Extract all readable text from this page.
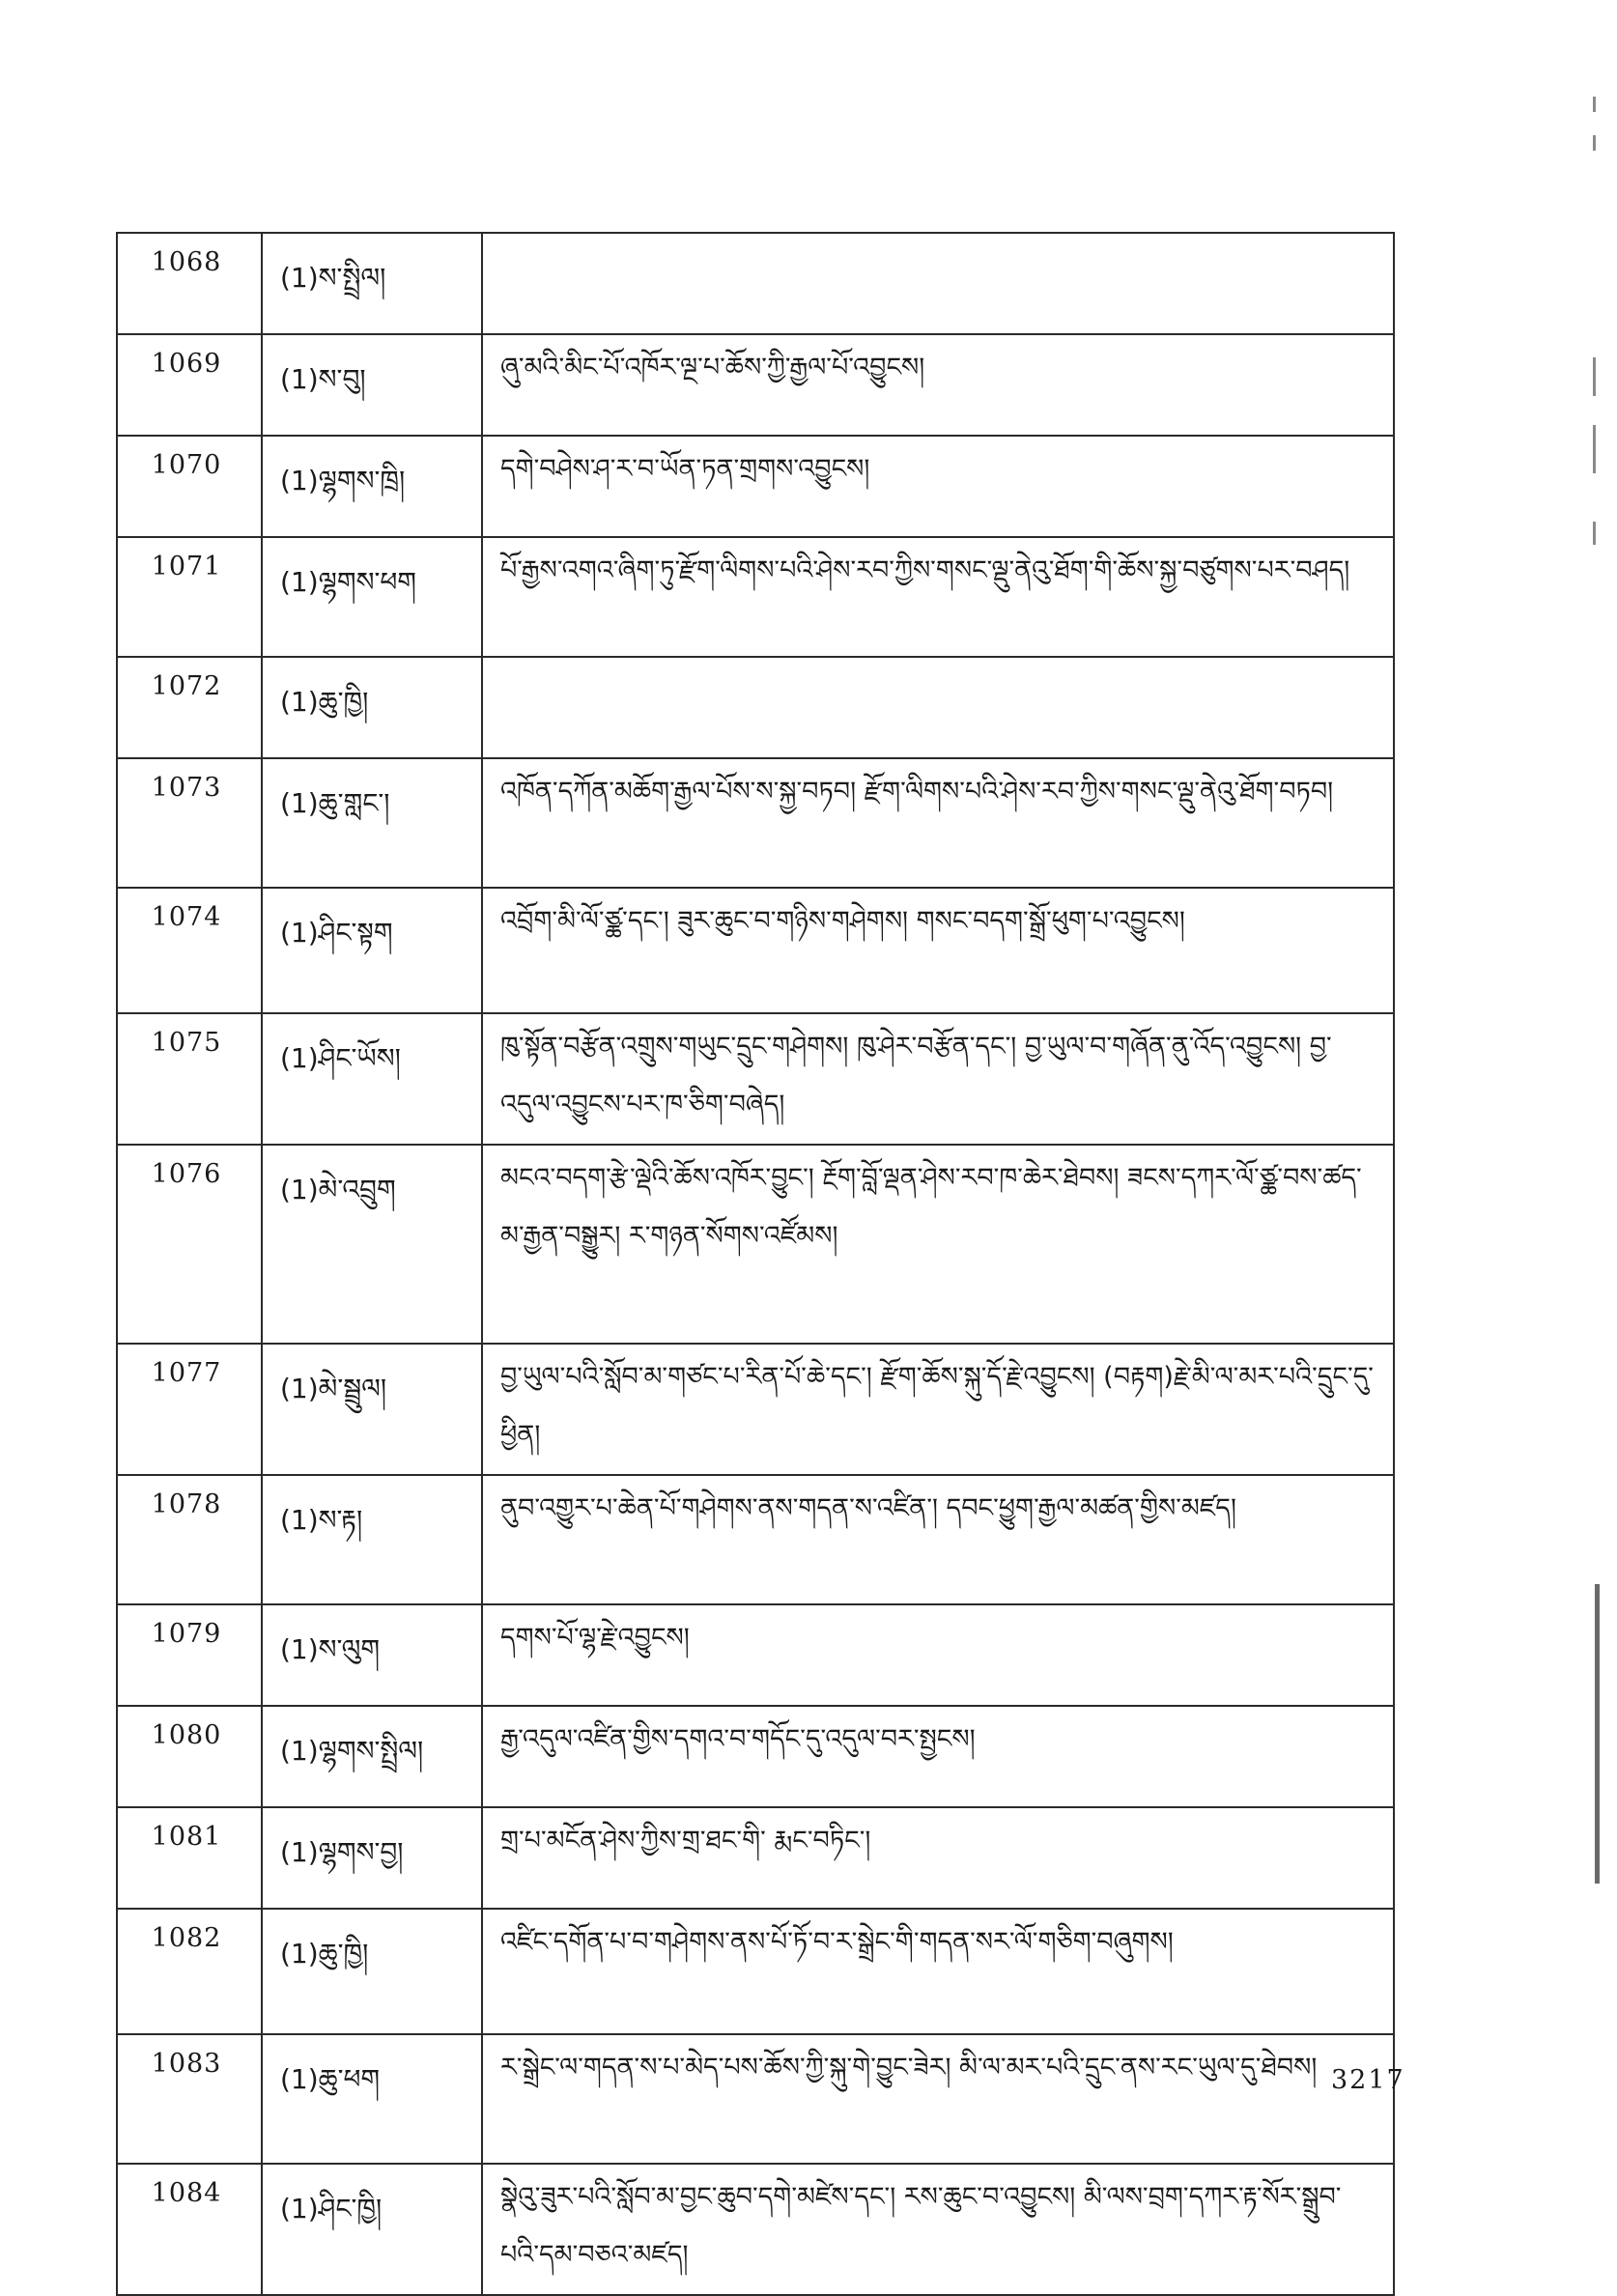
1068	(1)ས་སྤྲིལ།	
1069	(1)ས་བུ།	ཞུ་མའི་མིང་པོ་འཁོར་ལྔ་པ་ཆོས་ཀྱི་རྒྱལ་པོ་འབྱུངས།
1070	(1)ལྷགས་ཁྲི།	དགེ་བཤེས་ཤ་ར་བ་ཡོན་ཏན་གྲགས་འབྱུངས།
1071	(1)ལྷགས་ཕག	པོ་རྒྱས་འགའ་ཞིག་ཏུ་རྫོག་ལིགས་པའི་ཤེས་རབ་ཀྱིས་གསང་ལྡུ་ནེའུ་ཐོག་གི་ཆོས་སྐྱ་བཙུགས་པར་བཤད།
1072	(1)ཆུ་ཁྱི།	
1073	(1)ཆུ་གླང་།	འཁོན་དཀོན་མཆོག་རྒྱལ་པོས་ས་སྐྱ་བཏབ། རྫོག་ལིགས་པའི་ཤེས་རབ་ཀྱིས་གསང་ལྡུ་ནེའུ་ཐོག་བཏབ།
1074	(1)ཤིང་སྟག	འབྲོག་མི་ལོ་ཙྪ་དང་། ཟུར་ཆུང་བ་གཉིས་གཤེགས། གསང་བདག་སྒྲོ་ཕུག་པ་འབྱུངས།
1075	(1)ཤིང་ཡོས།	ཁུ་སྟོན་བརྩོན་འགྲུས་གཡུང་དྲུང་གཤེགས། ཁུ་ཤེར་བརྩོན་དང་། བྱ་ཡུལ་བ་གཞོན་ནུ་འོད་འབྱུངས། བྱ་འདུལ་འབྱུངས་པར་ཁ་ཅིག་བཞེད།
1076	(1)མེ་འབྲུག	མངའ་བདག་རྩེ་ལྡེའི་ཆོས་འཁོར་བྱུང་། རྔོག་བློ་ལྡན་ཤེས་རབ་ཁ་ཆེར་ཐེབས། ཟངས་དཀར་ལོ་ཙྪ་བས་ཚད་མ་རྒྱན་བསྒྱུར། ར་གཉན་སོགས་འཛོམས།
1077	(1)མེ་སྦྲུལ།	བྱ་ཡུལ་པའི་སློབ་མ་གཙང་པ་རིན་པོ་ཆེ་དང་། རྫོག་ཆོས་སྐུ་དོ་རྗེ་འབྱུངས། (བརྟག)རྗེ་མི་ལ་མར་པའི་དྲུང་དུ་ཕྱིན།
1078	(1)ས་རྟ།	ནུབ་འགྱུར་པ་ཆེན་པོ་གཤེགས་ནས་གདན་ས་འཛིན་། དབང་ཕྱུག་རྒྱལ་མཚན་གྱིས་མཛད།
1079	(1)ས་ལུག	དགས་པོ་ལྷ་རྗེ་འབྱུངས།
1080	(1)ལྷགས་སྤྲིལ།	རྒྱ་འདུལ་འཛིན་གྱིས་དགའ་བ་གདོང་དུ་འདུལ་བར་སྤྱངས།
1081	(1)ལྷགས་བྱ།	གྲ་པ་མངོན་ཤེས་ཀྱིས་གྲ་ཐང་གི་ རྨང་བཏིང་།
1082	(1)ཆུ་ཁྱི།	འཛིང་དགོན་པ་བ་གཤེགས་ནས་པོ་ཏོ་བ་ར་སྒྲེང་གི་གདན་སར་ལོ་གཅིག་བཞུགས།
1083	(1)ཆུ་ཕག	ར་སྒྲེང་ལ་གདན་ས་པ་མེད་པས་ཆོས་ཀྱི་སྐུ་གེ་བྱུང་ཟེར། མི་ལ་མར་པའི་དྲུང་ནས་རང་ཡུལ་དུ་ཐེབས།
1084	(1)ཤིང་ཁྱི།	སྣེའུ་ཟུར་པའི་སློབ་མ་བྱང་ཆུབ་དགེ་མཛེས་དང་། རས་ཆུང་བ་འབྱུངས། མི་ལས་བྲག་དཀར་རྟ་སོར་སྒྲུབ་པའི་དམ་བཅའ་མཛད།
3217
